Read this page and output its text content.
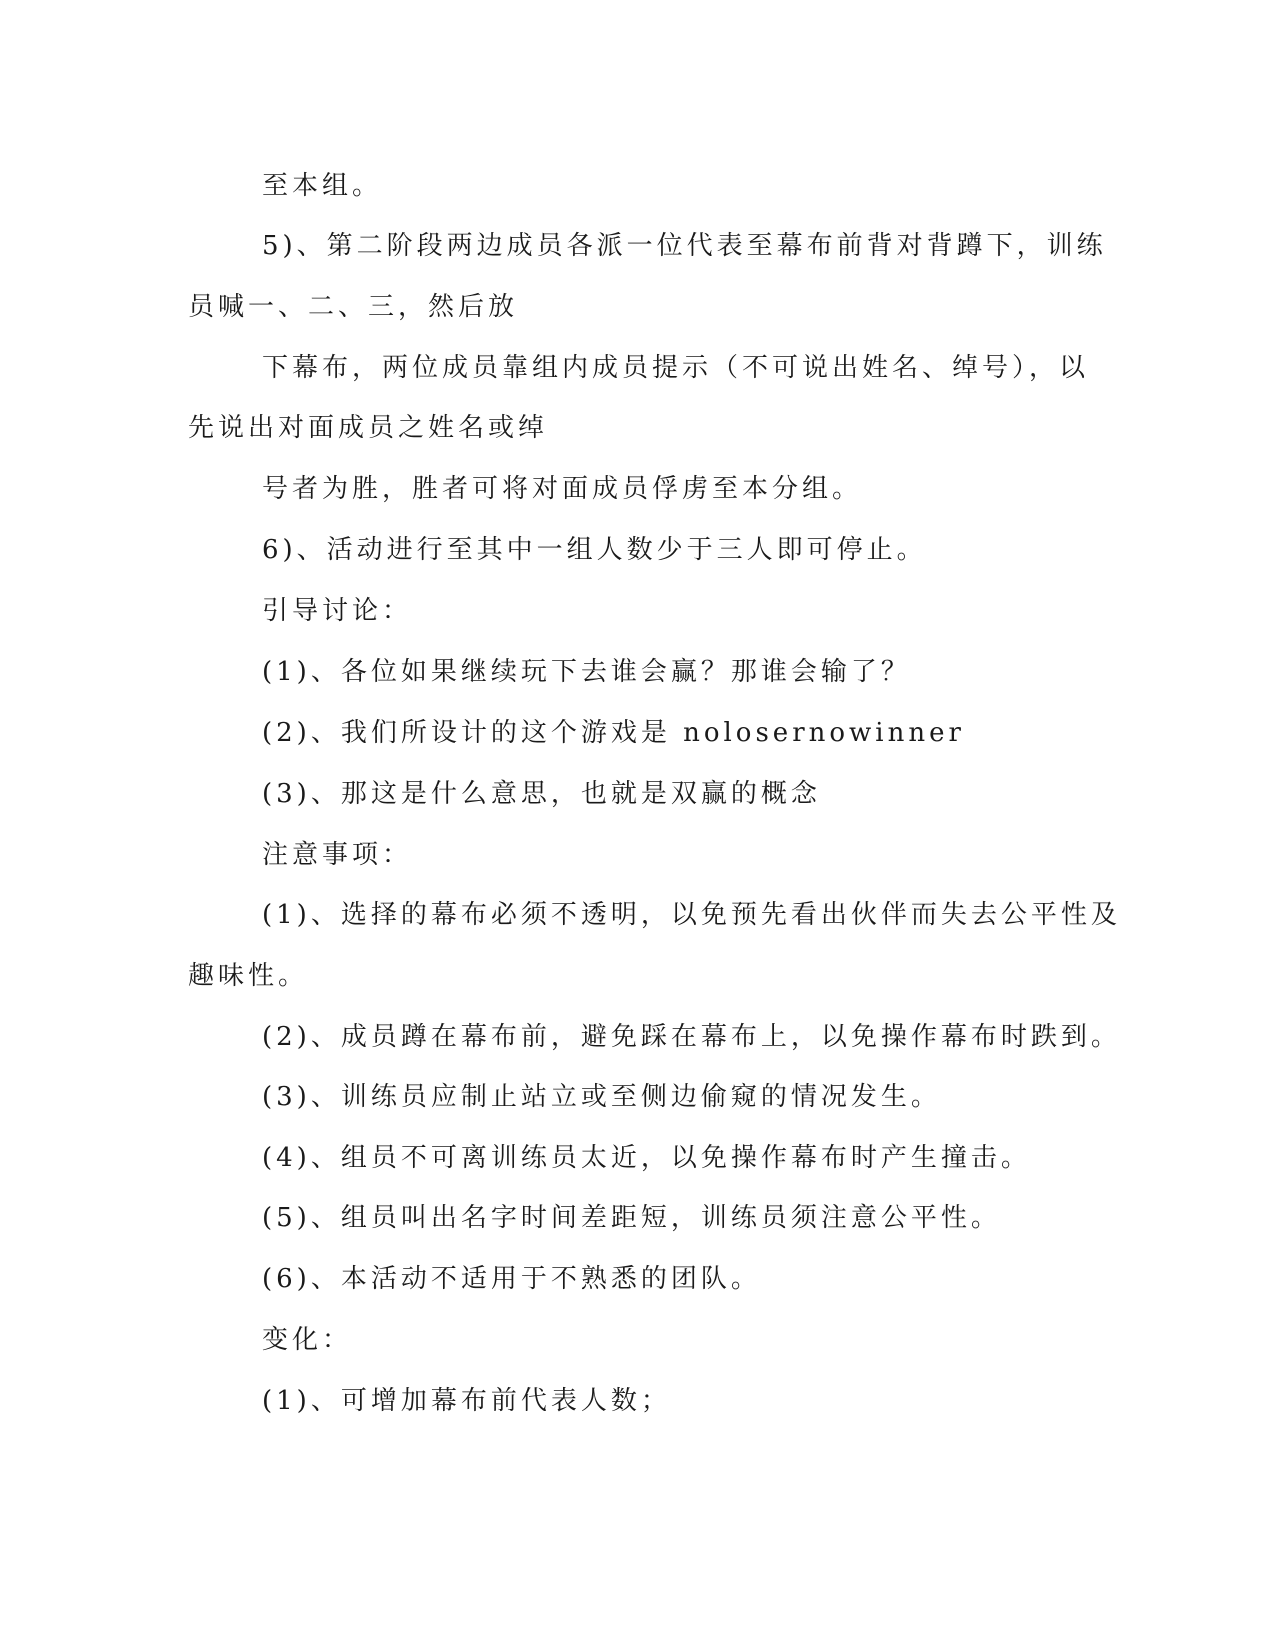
至本组。
5)、第二阶段两边成员各派一位代表至幕布前背对背蹲下，训练
员喊一、二、三，然后放
下幕布，两位成员靠组内成员提示（不可说出姓名、绰号），以
先说出对面成员之姓名或绰
号者为胜，胜者可将对面成员俘虏至本分组。
6)、活动进行至其中一组人数少于三人即可停止。
引导讨论：
(1)、各位如果继续玩下去谁会赢？那谁会输了？
(2)、我们所设计的这个游戏是 nolosernowinner
(3)、那这是什么意思，也就是双赢的概念
注意事项：
(1)、选择的幕布必须不透明，以免预先看出伙伴而失去公平性及
趣味性。
(2)、成员蹲在幕布前，避免踩在幕布上，以免操作幕布时跌到。
(3)、训练员应制止站立或至侧边偷窥的情况发生。
(4)、组员不可离训练员太近，以免操作幕布时产生撞击。
(5)、组员叫出名字时间差距短，训练员须注意公平性。
(6)、本活动不适用于不熟悉的团队。
变化：
(1)、可增加幕布前代表人数；
